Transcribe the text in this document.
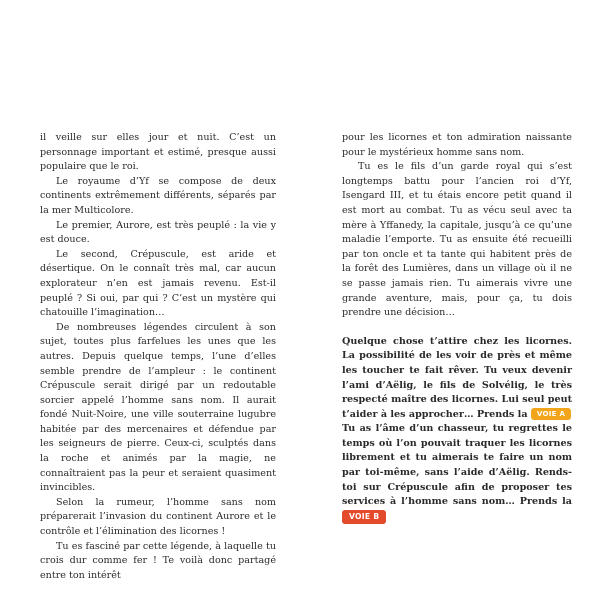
il veille sur elles jour et nuit. C’est un personnage important et estimé, presque aussi populaire que le roi.

Le royaume d’Yf se compose de deux continents extrêmement différents, séparés par la mer Multicolore.

Le premier, Aurore, est très peuplé : la vie y est douce.

Le second, Crépuscule, est aride et désertique. On le connaît très mal, car aucun explorateur n’en est jamais revenu. Est-il peuplé ? Si oui, par qui ? C’est un mystère qui chatouille l’imagination…

De nombreuses légendes circulent à son sujet, toutes plus farfelues les unes que les autres. Depuis quelque temps, l’une d’elles semble prendre de l’ampleur : le continent Crépuscule serait dirigé par un redoutable sorcier appelé l’homme sans nom. Il aurait fondé Nuit-Noire, une ville souterraine lugubre habitée par des mercenaires et défendue par les seigneurs de pierre. Ceux-ci, sculptés dans la roche et animés par la magie, ne connaîtraient pas la peur et seraient quasiment invincibles.

Selon la rumeur, l’homme sans nom préparerait l’invasion du continent Aurore et le contrôle et l’élimination des licornes !

Tu es fasciné par cette légende, à laquelle tu crois dur comme fer ! Te voilà donc partagé entre ton intérêt

pour les licornes et ton admiration naissante pour le mystérieux homme sans nom.

Tu es le fils d’un garde royal qui s’est longtemps battu pour l’ancien roi d’Yf, Isengard III, et tu étais encore petit quand il est mort au combat. Tu as vécu seul avec ta mère à Yffanedy, la capitale, jusqu’à ce qu’une maladie l’emporte. Tu as ensuite été recueilli par ton oncle et ta tante qui habitent près de la forêt des Lumières, dans un village où il ne se passe jamais rien. Tu aimerais vivre une grande aventure, mais, pour ça, tu dois prendre une décision…

Quelque chose t’attire chez les licornes. La possibilité de les voir de près et même les toucher te fait rêver. Tu veux devenir l’ami d’Aëlig, le fils de Solvélig, le très respecté maître des licornes. Lui seul peut t’aider à les approcher… Prends la VOIE A

Tu as l’âme d’un chasseur, tu regrettes le temps où l’on pouvait traquer les licornes librement et tu aimerais te faire un nom par toi-même, sans l’aide d’Aëlig. Rends-toi sur Crépuscule afin de proposer tes services à l’homme sans nom… Prends la VOIE B
